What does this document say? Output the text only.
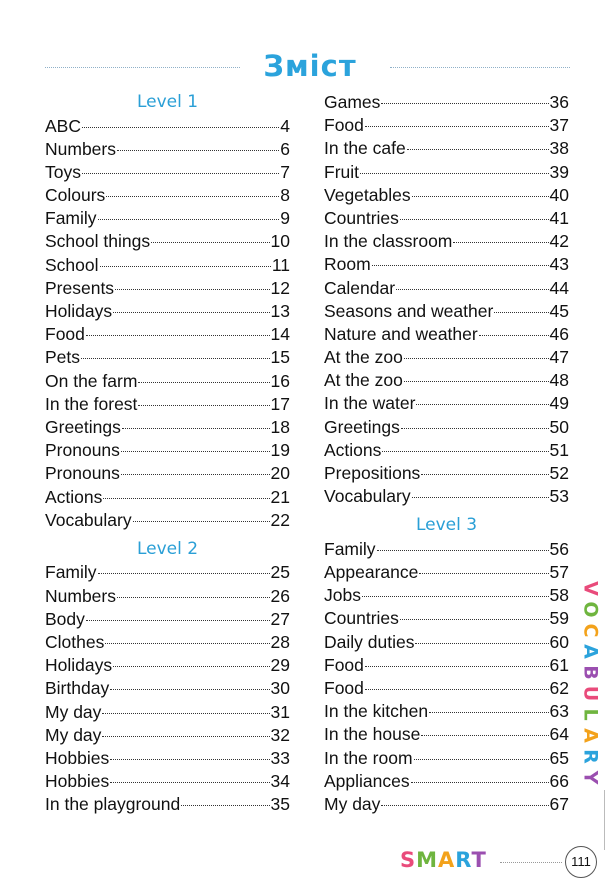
Зміст
Level 1
ABC	4
Numbers	6
Toys	7
Colours	8
Family	9
School things	10
School	11
Presents	12
Holidays	13
Food	14
Pets	15
On the farm	16
In the forest	17
Greetings	18
Pronouns	19
Pronouns	20
Actions	21
Vocabulary	22
Level 2
Family	25
Numbers	26
Body	27
Clothes	28
Holidays	29
Birthday	30
My day	31
My day	32
Hobbies	33
Hobbies	34
In the playground	35
Games	36
Food	37
In the cafe	38
Fruit	39
Vegetables	40
Countries	41
In the classroom	42
Room	43
Calendar	44
Seasons and weather	45
Nature and weather	46
At the zoo	47
At the zoo	48
In the water	49
Greetings	50
Actions	51
Prepositions	52
Vocabulary	53
Level 3
Family	56
Appearance	57
Jobs	58
Countries	59
Daily duties	60
Food	61
Food	62
In the kitchen	63
In the house	64
In the room	65
Appliances	66
My day	67
V
O
C
A
B
U
L
A
R
Y
SMART	111
